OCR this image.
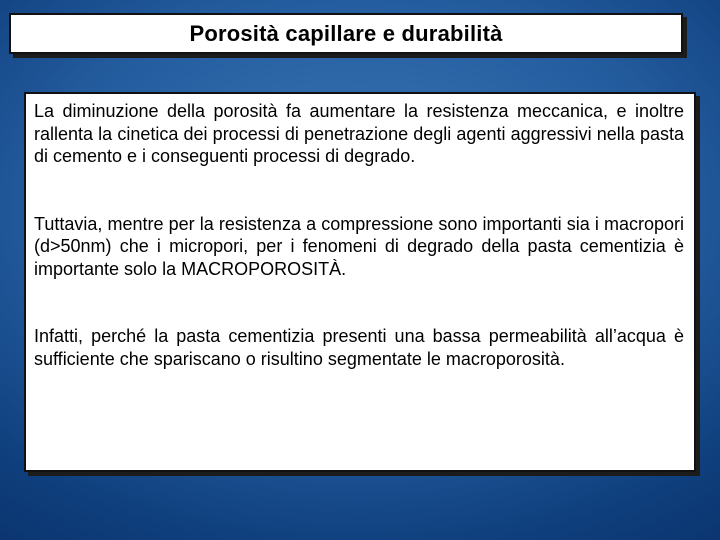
Porosità capillare e durabilità

La diminuzione della porosità fa aumentare la resistenza meccanica, e inoltre rallenta la cinetica dei processi di penetrazione degli agenti aggressivi nella pasta di cemento e i conseguenti processi di degrado.

Tuttavia, mentre per la resistenza a compressione sono importanti sia i macropori (d>50nm) che i micropori, per i fenomeni di degrado della pasta cementizia è importante solo la MACROPOROSITÀ.

Infatti, perché la pasta cementizia presenti una bassa permeabilità all’acqua è sufficiente che spariscano o risultino segmentate le macroporosità.
